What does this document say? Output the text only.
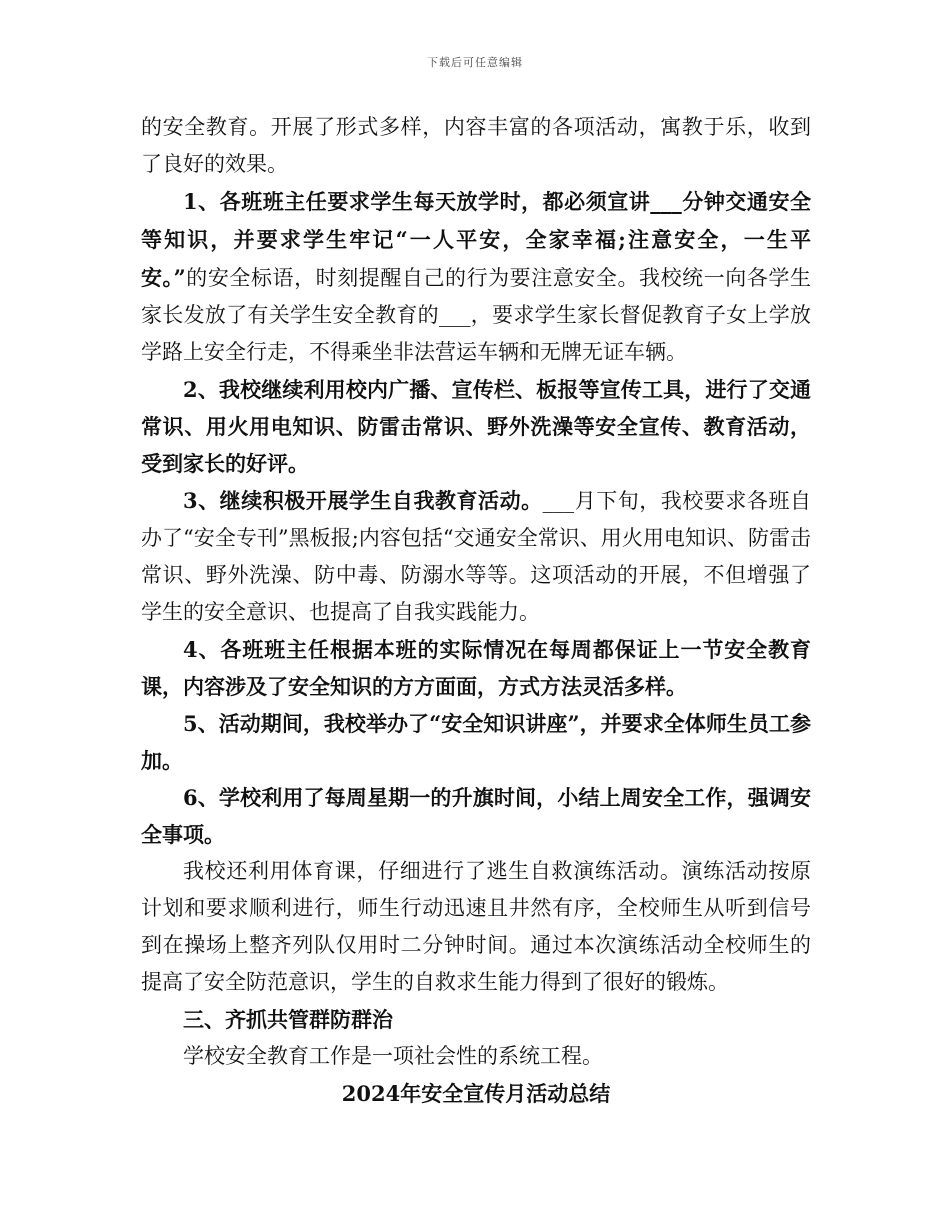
下载后可任意编辑

的安全教育。开展了形式多样，内容丰富的各项活动，寓教于乐，收到了良好的效果。

1、各班班主任要求学生每天放学时，都必须宣讲___分钟交通安全等知识，并要求学生牢记“一人平安，全家幸福;注意安全，一生平安。”的安全标语，时刻提醒自己的行为要注意安全。我校统一向各学生家长发放了有关学生安全教育的___，要求学生家长督促教育子女上学放学路上安全行走，不得乘坐非法营运车辆和无牌无证车辆。

2、我校继续利用校内广播、宣传栏、板报等宣传工具，进行了交通常识、用火用电知识、防雷击常识、野外洗澡等安全宣传、教育活动，受到家长的好评。

3、继续积极开展学生自我教育活动。___月下旬，我校要求各班自办了“安全专刊”黑板报;内容包括“交通安全常识、用火用电知识、防雷击常识、野外洗澡、防中毒、防溺水等等。这项活动的开展，不但增强了学生的安全意识、也提高了自我实践能力。

4、各班班主任根据本班的实际情况在每周都保证上一节安全教育课，内容涉及了安全知识的方方面面，方式方法灵活多样。

5、活动期间，我校举办了“安全知识讲座”，并要求全体师生员工参加。

6、学校利用了每周星期一的升旗时间，小结上周安全工作，强调安全事项。

我校还利用体育课，仔细进行了逃生自救演练活动。演练活动按原计划和要求顺利进行，师生行动迅速且井然有序，全校师生从听到信号到在操场上整齐列队仅用时二分钟时间。通过本次演练活动全校师生的提高了安全防范意识，学生的自救求生能力得到了很好的锻炼。

三、齐抓共管群防群治

学校安全教育工作是一项社会性的系统工程。

2024年安全宣传月活动总结
